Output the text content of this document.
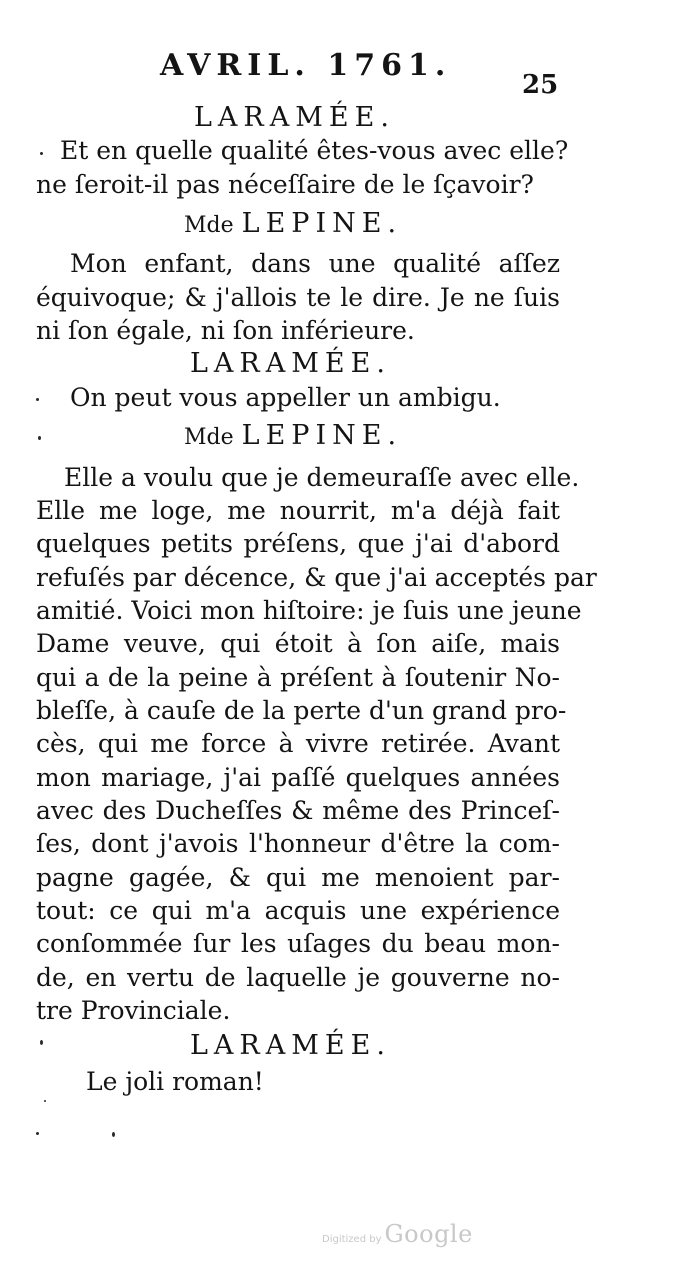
AVRIL. 1761.
25
LARAMÉE.
Et en quelle qualité êtes-vous avec elle?
ne ſeroit-il pas néceſſaire de le ſçavoir?
Mde LEPINE.
Mon enfant, dans une qualité aſſez
équivoque; & j'allois te le dire. Je ne ſuis
ni ſon égale, ni ſon inférieure.
LARAMÉE.
On peut vous appeller un ambigu.
Mde LEPINE.
Elle a voulu que je demeuraſſe avec elle.
Elle me loge, me nourrit, m'a déjà fait
quelques petits préſens, que j'ai d'abord
refuſés par décence, & que j'ai acceptés par
amitié. Voici mon hiſtoire: je ſuis une jeune
Dame veuve, qui étoit à ſon aiſe, mais
qui a de la peine à préſent à ſoutenir No-
bleſſe, à cauſe de la perte d'un grand pro-
cès, qui me force à vivre retirée. Avant
mon mariage, j'ai paſſé quelques années
avec des Ducheſſes & même des Princeſ-
ſes, dont j'avois l'honneur d'être la com-
pagne gagée, & qui me menoient par-
tout: ce qui m'a acquis une expérience
conſommée ſur les uſages du beau mon-
de, en vertu de laquelle je gouverne no-
tre Provinciale.
LARAMÉE.
Le joli roman!
Digitized by Google
